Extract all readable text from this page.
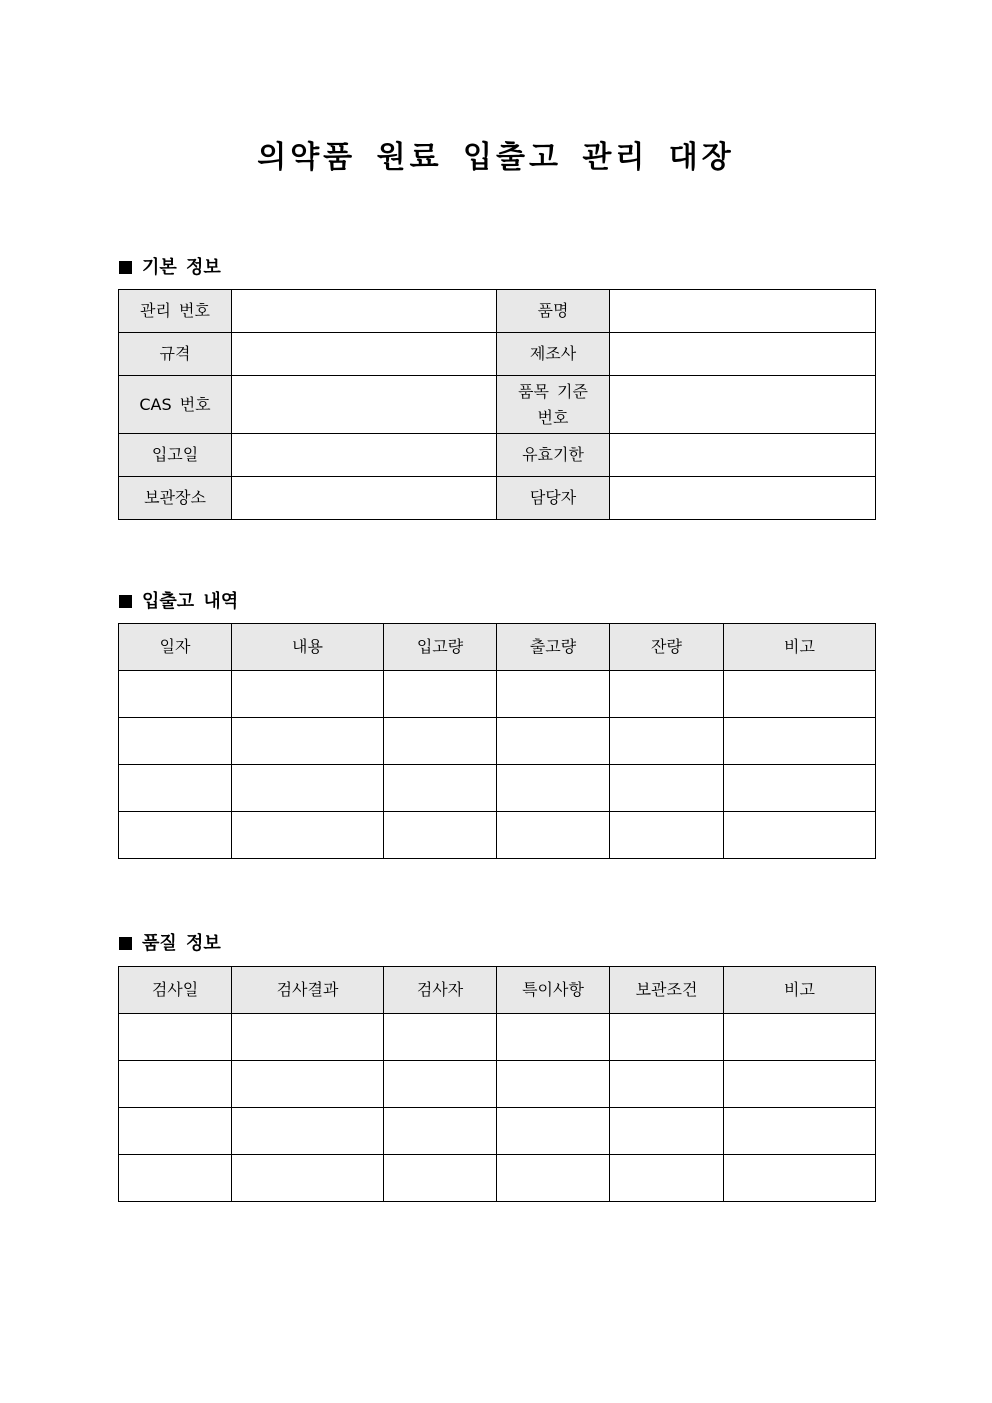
의약품 원료 입출고 관리 대장
기본 정보
관리 번호		품명	
규격		제조사	
CAS 번호		품목 기준
번호	
입고일		유효기한	
보관장소		담당자	
입출고 내역
일자	내용	입고량	출고량	잔량	비고

품질 정보
검사일	검사결과	검사자	특이사항	보관조건	비고
